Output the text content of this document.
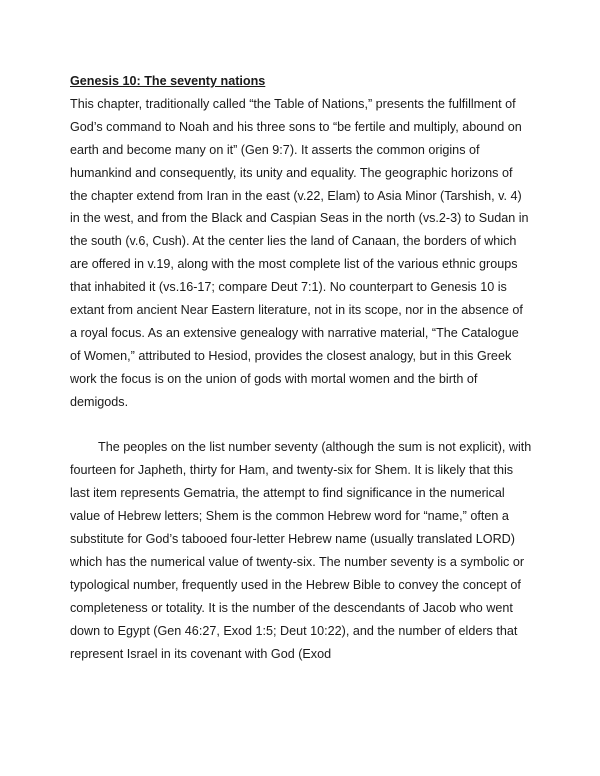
Genesis 10: The seventy nations

This chapter, traditionally called “the Table of Nations,” presents the fulfillment of God’s command to Noah and his three sons to “be fertile and multiply, abound on earth and become many on it” (Gen 9:7). It asserts the common origins of humankind and consequently, its unity and equality. The geographic horizons of the chapter extend from Iran in the east (v.22, Elam) to Asia Minor (Tarshish, v. 4) in the west, and from the Black and Caspian Seas in the north (vs.2-3) to Sudan in the south (v.6, Cush). At the center lies the land of Canaan, the borders of which are offered in v.19, along with the most complete list of the various ethnic groups that inhabited it (vs.16-17; compare Deut 7:1). No counterpart to Genesis 10 is extant from ancient Near Eastern literature, not in its scope, nor in the absence of a royal focus. As an extensive genealogy with narrative material, “The Catalogue of Women,” attributed to Hesiod, provides the closest analogy, but in this Greek work the focus is on the union of gods with mortal women and the birth of demigods.

The peoples on the list number seventy (although the sum is not explicit), with fourteen for Japheth, thirty for Ham, and twenty-six for Shem. It is likely that this last item represents Gematria, the attempt to find significance in the numerical value of Hebrew letters; Shem is the common Hebrew word for “name,” often a substitute for God’s tabooed four-letter Hebrew name (usually translated LORD) which has the numerical value of twenty-six. The number seventy is a symbolic or typological number, frequently used in the Hebrew Bible to convey the concept of completeness or totality. It is the number of the descendants of Jacob who went down to Egypt (Gen 46:27, Exod 1:5; Deut 10:22), and the number of elders that represent Israel in its covenant with God (Exod
